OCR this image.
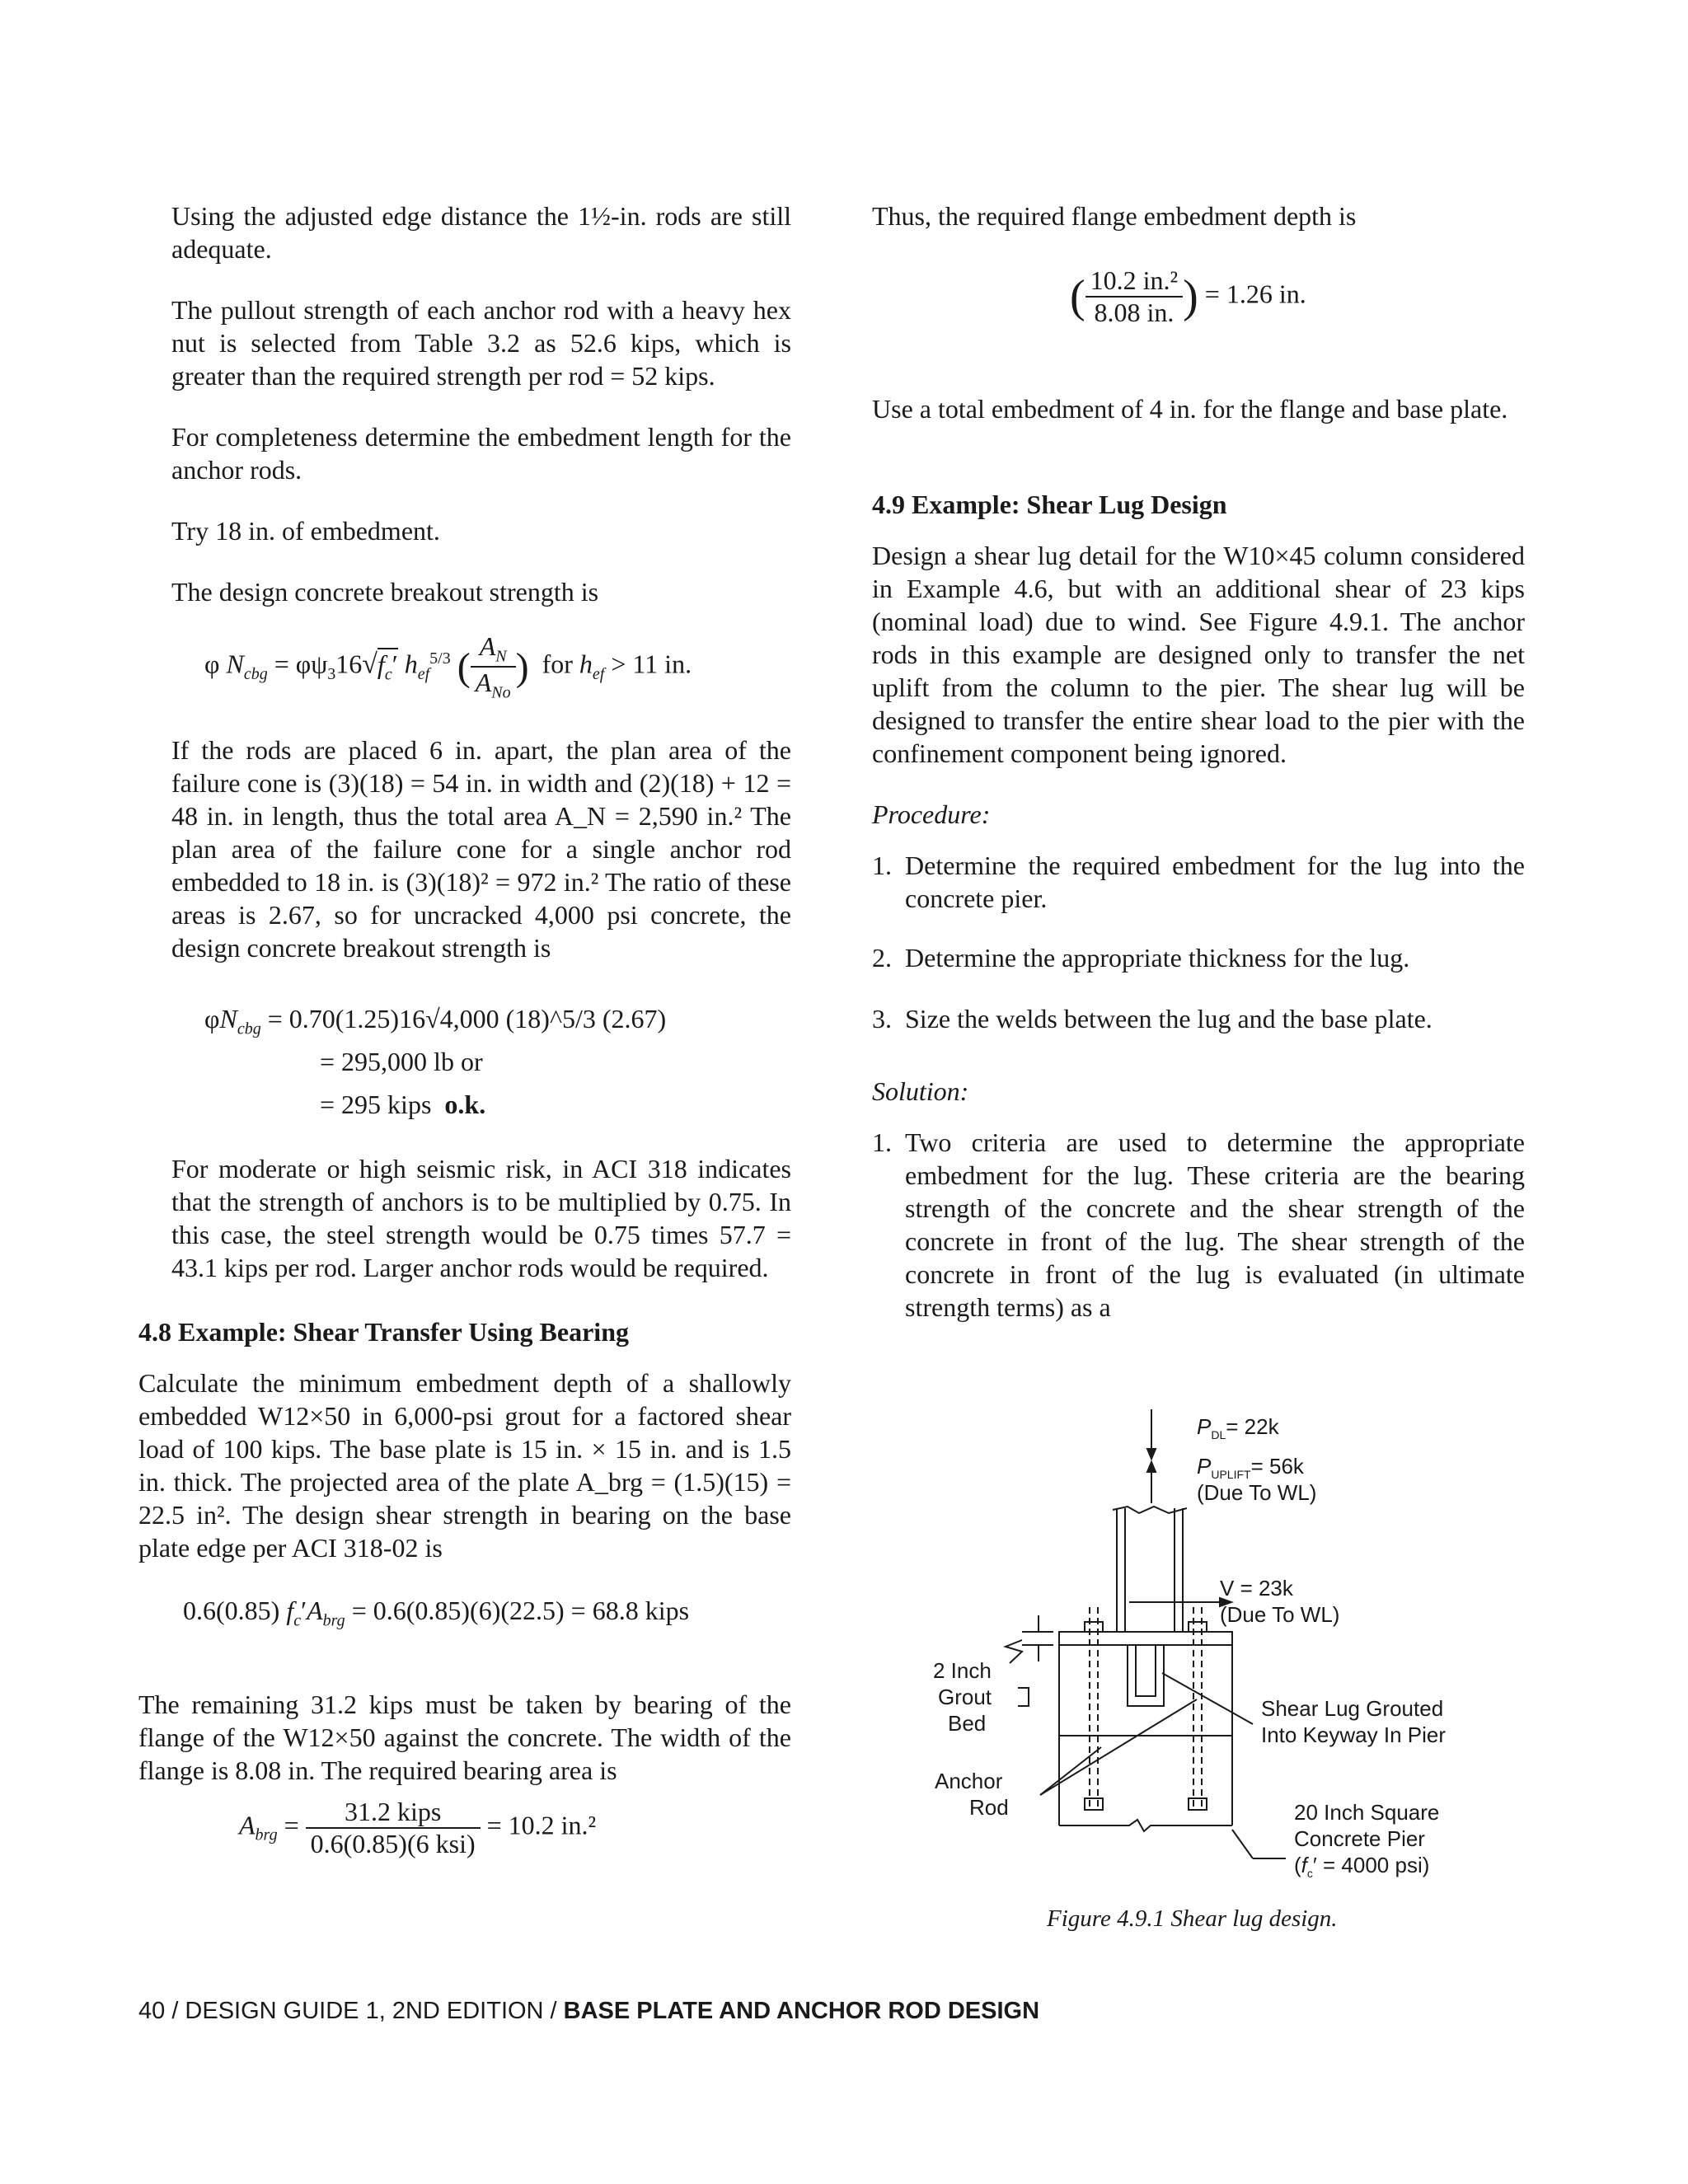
Using the adjusted edge distance the 1½-in. rods are still adequate.
The pullout strength of each anchor rod with a heavy hex nut is selected from Table 3.2 as 52.6 kips, which is greater than the required strength per rod = 52 kips.
For completeness determine the embedment length for the anchor rods.
Try 18 in. of embedment.
The design concrete breakout strength is
φ $N_{cbg} = \varphi\psi_316√f_c'$ $h_{ef}^{5/3}$ ( $\frac{A_N}{A_{No}}$ ) for $h_{ef} > 11$ in.
If the rods are placed 6 in. apart, the plan area of the failure cone is (3)(18) = 54 in. in width and (2)(18) + 12 = 48 in. in length, thus the total area A_N = 2,590 in.² The plan area of the failure cone for a single anchor rod embedded to 18 in. is (3)(18)² = 972 in.² The ratio of these areas is 2.67, so for uncracked 4,000 psi concrete, the design concrete breakout strength is
$\varphi N_{cbg} = 0.70(1.25)16√4,000$ (18)^5/3 (2.67)
= 295,000 lb or
= 295 kips o.k.
For moderate or high seismic risk, in ACI 318 indicates that the strength of anchors is to be multiplied by 0.75. In this case, the steel strength would be 0.75 times 57.7 = 43.1 kips per rod. Larger anchor rods would be required.
4.8 Example: Shear Transfer Using Bearing
Calculate the minimum embedment depth of a shallowly embedded W12×50 in 6,000-psi grout for a factored shear load of 100 kips. The base plate is 15 in. × 15 in. and is 1.5 in. thick. The projected area of the plate A_brg = (1.5)(15) = 22.5 in². The design shear strength in bearing on the base plate edge per ACI 318-02 is
0.6(0.85) $f_c'A_{brg} = 0.6(0.85)(6)(22.5) = 68.8$ kips
The remaining 31.2 kips must be taken by bearing of the flange of the W12×50 against the concrete. The width of the flange is 8.08 in. The required bearing area is
$A_{brg} = \frac{\text{31.2 kips}}{\text{0.6(0.85)(6 ksi)}} = 10.2$ in.²
Thus, the required flange embedment depth is
( $\frac{\text{10.2 in.²}}{8.08 in.}$ ) = 1.26 in.
Use a total embedment of 4 in. for the flange and base plate.
4.9 Example: Shear Lug Design
Design a shear lug detail for the W10×45 column considered in Example 4.6, but with an additional shear of 23 kips (nominal load) due to wind. See Figure 4.9.1. The anchor rods in this example are designed only to transfer the net uplift from the column to the pier. The shear lug will be designed to transfer the entire shear load to the pier with the confinement component being ignored.
Procedure:
1. Determine the required embedment for the lug into the concrete pier.
2. Determine the appropriate thickness for the lug.
3. Size the welds between the lug and the base plate.
Solution:
1. Two criteria are used to determine the appropriate embedment for the lug. These criteria are the bearing strength of the concrete and the shear strength of the concrete in front of the lug. The shear strength of the concrete in front of the lug is evaluated (in ultimate strength terms) as a
$P_{DL}= 22k$
$P_{UPLIFT}= 56k$
(Due To WL)
V = 23k
(Due To WL)
2 Inch
Grout
Bed
Anchor
Rod
Shear Lug Grouted
Into Keyway In Pier
20 Inch Square
Concrete Pier
($f_c' = 4000$ psi)
Figure 4.9.1 Shear lug design.
40 / DESIGN GUIDE 1, 2ND EDITION / BASE PLATE AND ANCHOR ROD DESIGN
